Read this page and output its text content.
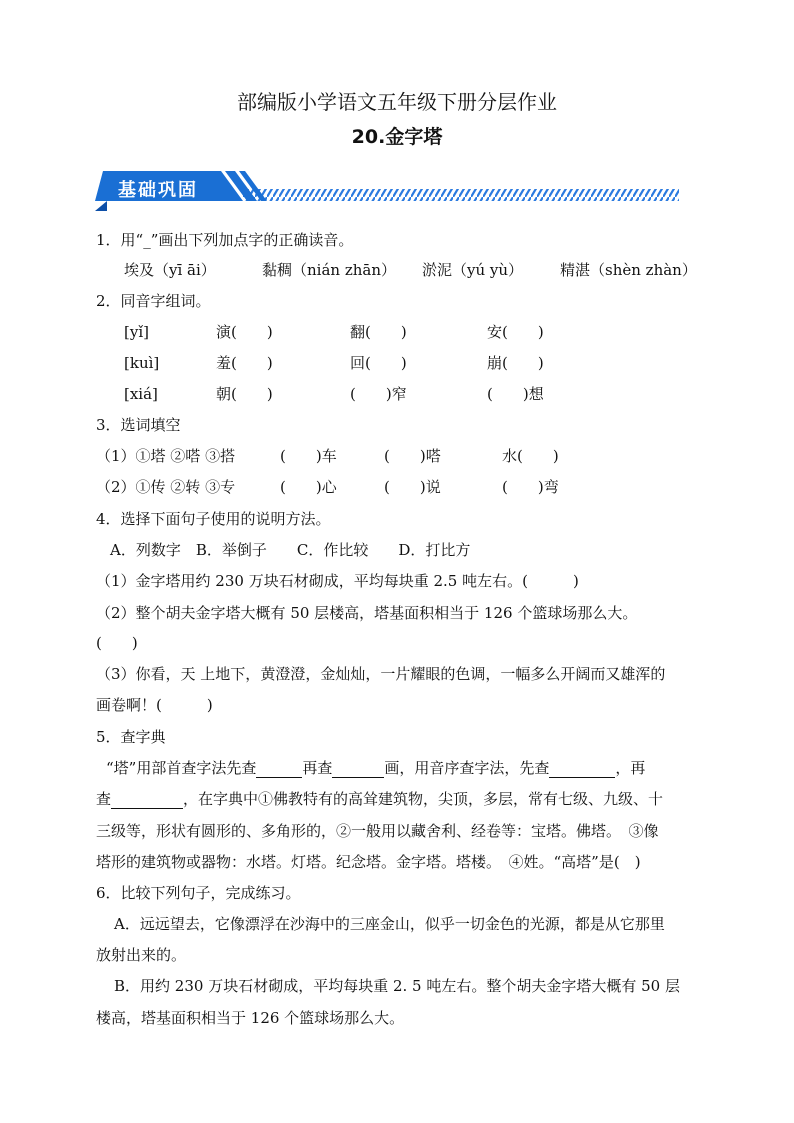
部编版小学语文五年级下册分层作业
20.金字塔
基础巩固
1．用“_”画出下列加点字的正确读音。
埃及（yī āi）	黏稠（nián zhān） 淤泥（yú yù） 精湛（shèn zhàn）
2．同音字组词。
[yǐ]	演(　　)	翻(　　)	安(　　)
[kuì]	羞(　　)	回(　　)	崩(　　)
[xiá]	朝(　　)	(　　)窄	(　　)想
3．选词填空
（1）①塔 ②嗒 ③搭	(　　)车	(　　)嗒	水(　　)
（2）①传 ②转 ③专	(　　)心	(　　)说	(　　)弯
4．选择下面句子使用的说明方法。
A．列数字　B．举倒子　　C．作比较　　D．打比方
（1）金字塔用约 230 万块石材砌成，平均每块重 2.5 吨左右。(　　　)
（2）整个胡夫金字塔大概有 50 层楼高，塔基面积相当于 126 个篮球场那么大。
(　　)
（3）你看，天 上地下，黄澄澄，金灿灿，一片耀眼的色调，一幅多么开阔而又雄浑的
画卷啊！(　　　)
5．查字典
“塔”用部首查字法先查	再查	画，用音序查字法，先查	，再
查	，在字典中①佛教特有的高耸建筑物，尖顶，多层，常有七级、九级、十
三级等，形状有圆形的、多角形的，②一般用以藏舍利、经卷等：宝塔。佛塔。　③像
塔形的建筑物或器物：水塔。灯塔。纪念塔。金字塔。塔楼。　④姓。“高塔”是(　)
6．比较下列句子，完成练习。
A．远远望去，它像漂浮在沙海中的三座金山，似乎一切金色的光源，都是从它那里
放射出来的。
B．用约 230 万块石材砌成，平均每块重 2. 5 吨左右。整个胡夫金字塔大概有 50 层
楼高，塔基面积相当于 126 个篮球场那么大。
